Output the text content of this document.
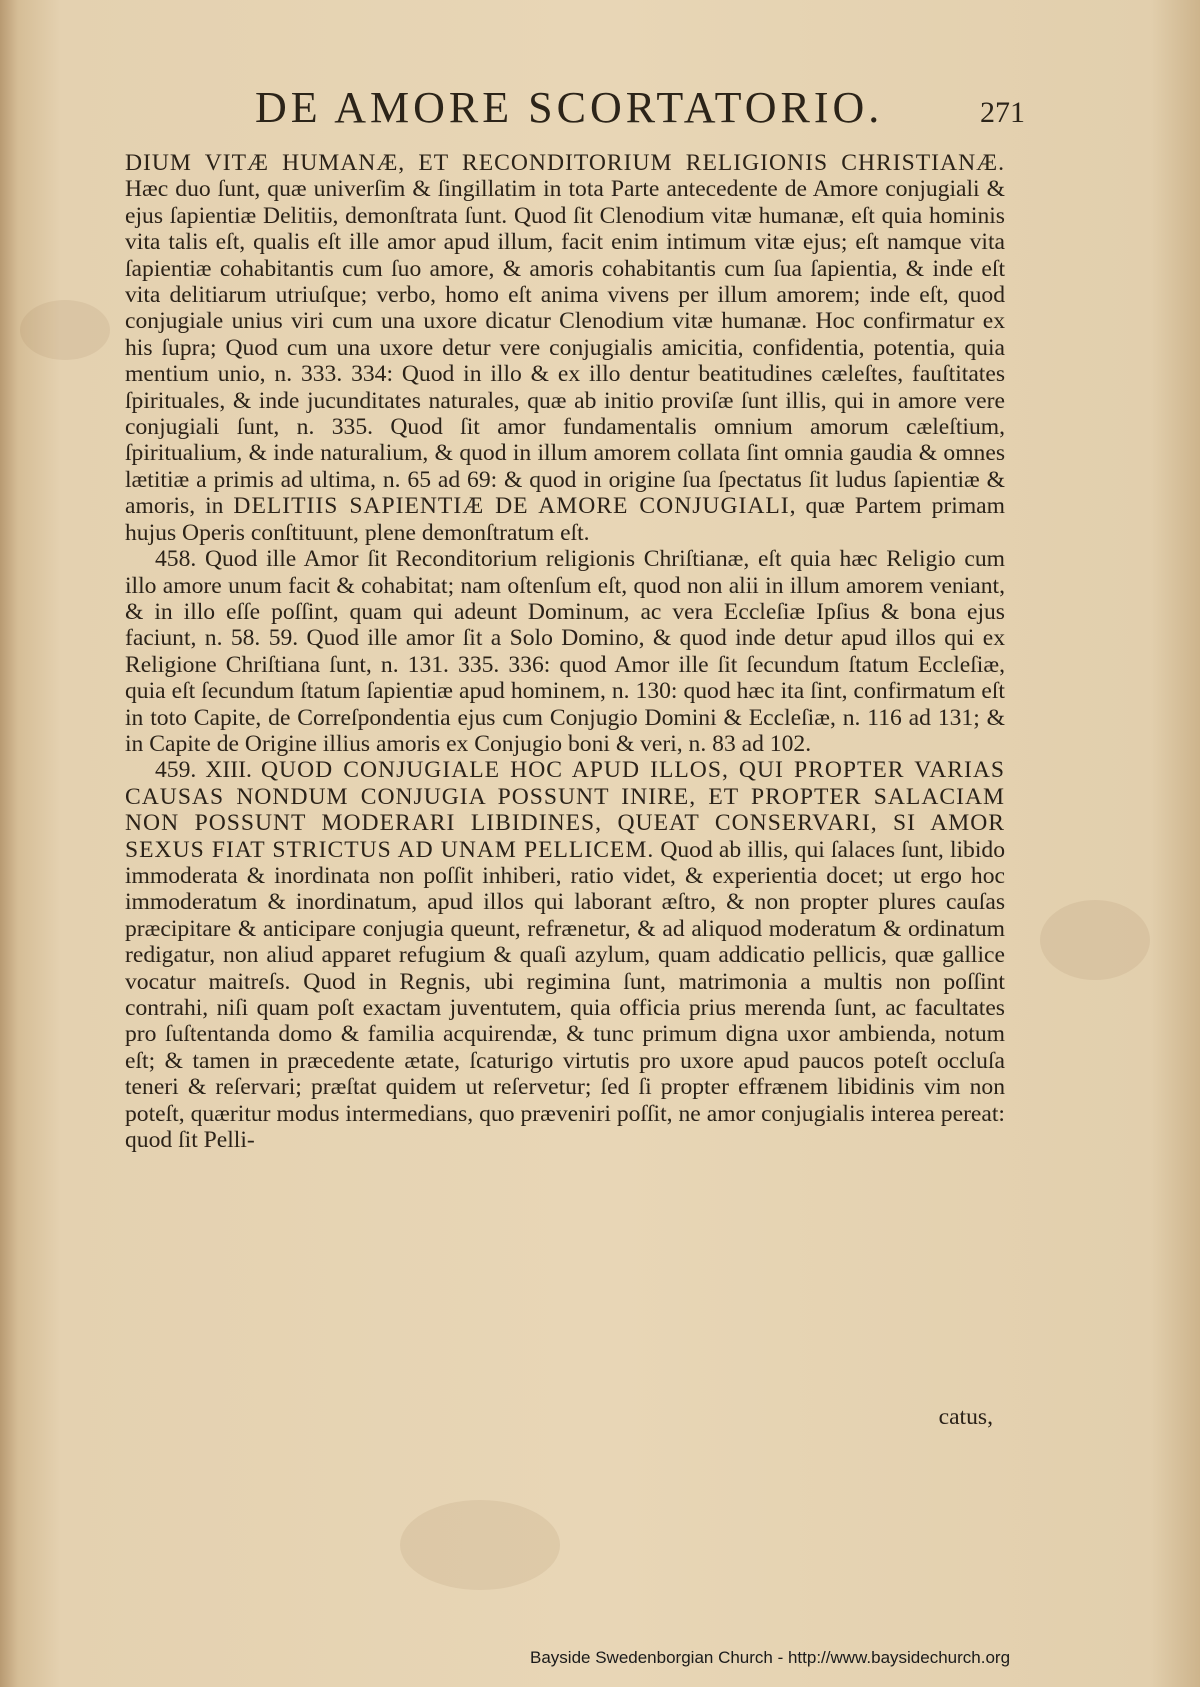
DE AMORE SCORTATORIO.	271

DIUM VITÆ HUMANÆ, ET RECONDITORIUM RELIGIONIS CHRISTIANÆ. Hæc duo ſunt, quæ univerſim & ſingillatim in tota Parte antecedente de Amore conjugiali & ejus ſapientiæ Delitiis, demonſtrata ſunt. Quod ſit Clenodium vitæ humanæ, eſt quia hominis vita talis eſt, qualis eſt ille amor apud illum, facit enim intimum vitæ ejus; eſt namque vita ſapientiæ cohabitantis cum ſuo amore, & amoris cohabitantis cum ſua ſapientia, & inde eſt vita delitiarum utriuſque; verbo, homo eſt anima vivens per illum amorem; inde eſt, quod conjugiale unius viri cum una uxore dicatur Clenodium vitæ humanæ. Hoc confirmatur ex his ſupra; Quod cum una uxore detur vere conjugialis amicitia, confidentia, potentia, quia mentium unio, n. 333. 334: Quod in illo & ex illo dentur beatitudines cæleſtes, fauſtitates ſpirituales, & inde jucunditates naturales, quæ ab initio proviſæ ſunt illis, qui in amore vere conjugiali ſunt, n. 335. Quod ſit amor fundamentalis omnium amorum cæleſtium, ſpiritualium, & inde naturalium, & quod in illum amorem collata ſint omnia gaudia & omnes lætitiæ a primis ad ultima, n. 65 ad 69: & quod in origine ſua ſpectatus ſit ludus ſapientiæ & amoris, in DELITIIS SAPIENTIÆ DE AMORE CONJUGIALI, quæ Partem primam hujus Operis conſtituunt, plene demonſtratum eſt.

458. Quod ille Amor ſit Reconditorium religionis Chriſtianæ, eſt quia hæc Religio cum illo amore unum facit & cohabitat; nam oſtenſum eſt, quod non alii in illum amorem veniant, & in illo eſſe poſſint, quam qui adeunt Dominum, ac vera Eccleſiæ Ipſius & bona ejus faciunt, n. 58. 59. Quod ille amor ſit a Solo Domino, & quod inde detur apud illos qui ex Religione Chriſtiana ſunt, n. 131. 335. 336: quod Amor ille ſit ſecundum ſtatum Eccleſiæ, quia eſt ſecundum ſtatum ſapientiæ apud hominem, n. 130: quod hæc ita ſint, confirmatum eſt in toto Capite, de Correſpondentia ejus cum Conjugio Domini & Eccleſiæ, n. 116 ad 131; & in Capite de Origine illius amoris ex Conjugio boni & veri, n. 83 ad 102.

459. XIII. QUOD CONJUGIALE HOC APUD ILLOS, QUI PROPTER VARIAS CAUSAS NONDUM CONJUGIA POSSUNT INIRE, ET PROPTER SALACIAM NON POSSUNT MODERARI LIBIDINES, QUEAT CONSERVARI, SI AMOR SEXUS FIAT STRICTUS AD UNAM PELLICEM. Quod ab illis, qui ſalaces ſunt, libido immoderata & inordinata non poſſit inhiberi, ratio videt, & experientia docet; ut ergo hoc immoderatum & inordinatum, apud illos qui laborant æſtro, & non propter plures cauſas præcipitare & anticipare conjugia queunt, refrænetur, & ad aliquod moderatum & ordinatum redigatur, non aliud apparet refugium & quaſi azylum, quam addicatio pellicis, quæ gallice vocatur maitreſs. Quod in Regnis, ubi regimina ſunt, matrimonia a multis non poſſint contrahi, niſi quam poſt exactam juventutem, quia officia prius merenda ſunt, ac facultates pro ſuſtentanda domo & familia acquirendæ, & tunc primum digna uxor ambienda, notum eſt; & tamen in præcedente ætate, ſcaturigo virtutis pro uxore apud paucos poteſt occluſa teneri & reſervari; præſtat quidem ut reſervetur; ſed ſi propter effrænem libidinis vim non poteſt, quæritur modus intermedians, quo præveniri poſſit, ne amor conjugialis interea pereat: quod ſit Pelli-

catus,
Bayside Swedenborgian Church - http://www.baysidechurch.org
